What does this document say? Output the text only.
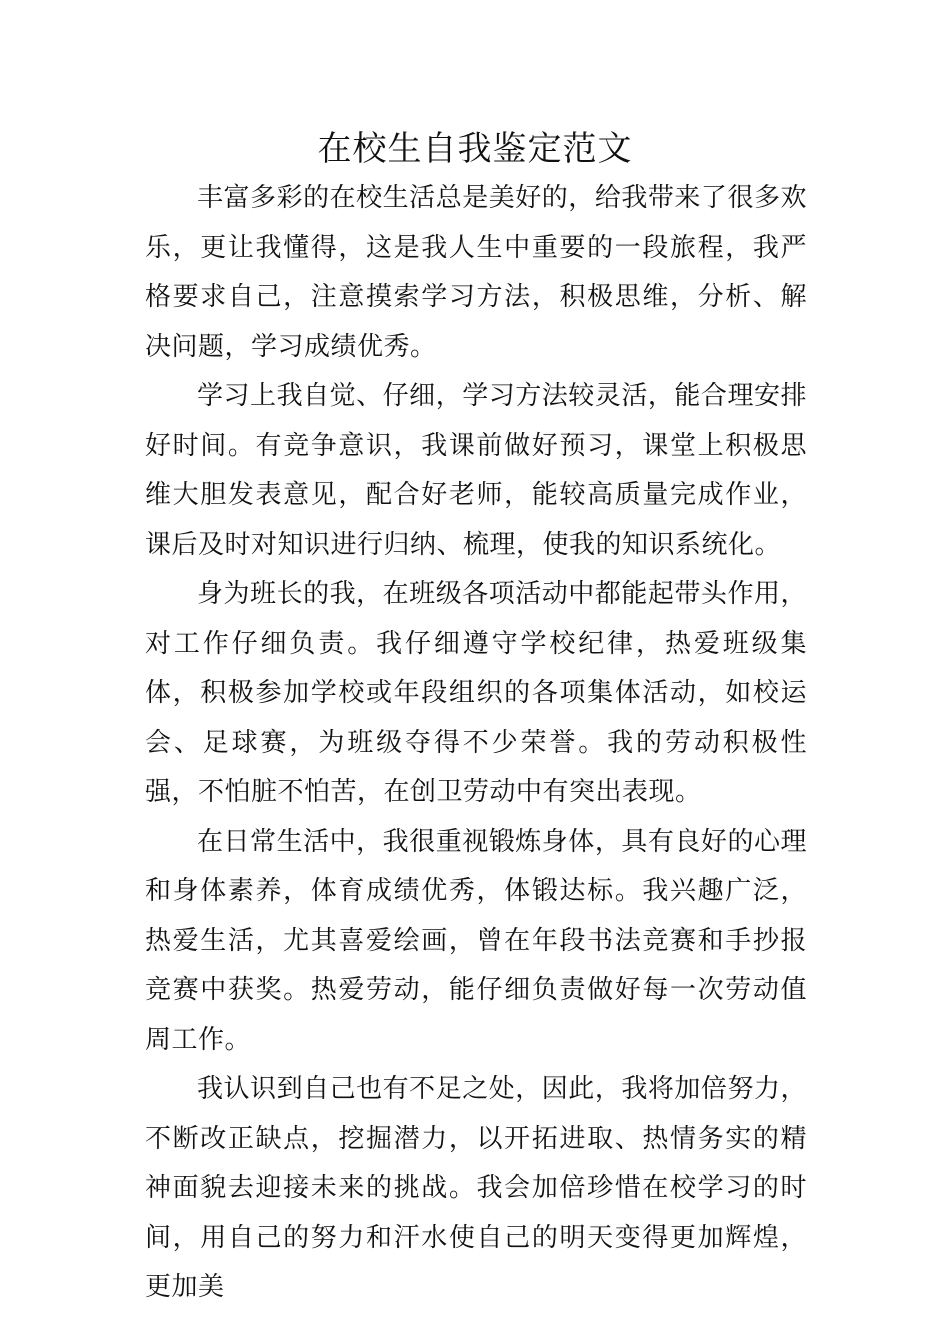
在校生自我鉴定范文

丰富多彩的在校生活总是美好的，给我带来了很多欢乐，更让我懂得，这是我人生中重要的一段旅程，我严格要求自己，注意摸索学习方法，积极思维，分析、解决问题，学习成绩优秀。

学习上我自觉、仔细，学习方法较灵活，能合理安排好时间。有竞争意识，我课前做好预习，课堂上积极思维大胆发表意见，配合好老师，能较高质量完成作业，课后及时对知识进行归纳、梳理，使我的知识系统化。

身为班长的我，在班级各项活动中都能起带头作用，对工作仔细负责。我仔细遵守学校纪律，热爱班级集体，积极参加学校或年段组织的各项集体活动，如校运会、足球赛，为班级夺得不少荣誉。我的劳动积极性强，不怕脏不怕苦，在创卫劳动中有突出表现。

在日常生活中，我很重视锻炼身体，具有良好的心理和身体素养，体育成绩优秀，体锻达标。我兴趣广泛，热爱生活，尤其喜爱绘画，曾在年段书法竞赛和手抄报竞赛中获奖。热爱劳动，能仔细负责做好每一次劳动值周工作。

我认识到自己也有不足之处，因此，我将加倍努力，不断改正缺点，挖掘潜力，以开拓进取、热情务实的精神面貌去迎接未来的挑战。我会加倍珍惜在校学习的时间，用自己的努力和汗水使自己的明天变得更加辉煌，更加美
